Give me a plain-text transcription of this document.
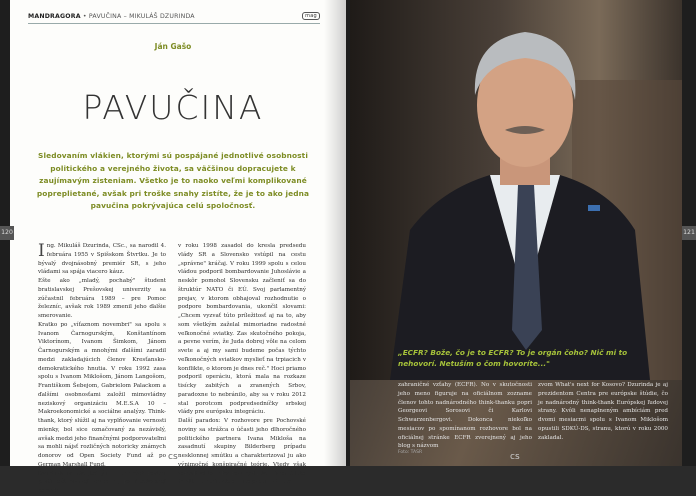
MANDRAGORA • PAVUČINA – MIKULÁŠ DZURINDA	mag
Ján Gašo
PAVUČINA
Sledovaním vlákien, ktorými sú pospájané jednotlivé osobnosti politického a verejného života, sa väčšinou dopracujete k zaujímavým zisteniam. Všetko je to naoko veľmi komplikované popreplietané, avšak pri troške snahy zistíte, že je to ako jedna pavučina pokrývajúca celú spoločnosť.

Ing. Mikuláš Dzurinda, CSc., sa narodil 4. februára 1955 v Spišskom Štvrtku. Je to bývalý dvojnásobný premiér SR, s jeho vládami sa spája viacero káuz.

Ešte ako „mladý, pochabý" študent bratislavskej Prešovskej univerzity sa zúčastnil februára 1989 – pre Pomoc železníc, avšak rok 1989 zmenil jeho ďalšie smerovanie.

Kratko po „víťaznom novembri" sa spolu s Ivanom Čarnogurským, Konštantínom Viktorínom, Ivanom Šimkom, Jánom Čarnogurským a mnohými ďalšími zaradil medzi zakladajúcich členov Kresťansko-demokratického hnutia. V roku 1992 zasa spolu s Ivanom Miklošom, Jánom Langošom, Františkom Šebejom, Gabrielom Palackom a ďalšími osobnosťami založil mimovládny neziskový organizáciu M.E.S.A 10 – Makroekonomické a sociálne analýzy. Think-thank, ktorý slúžil aj na vyplňovanie vernosti mienky, bol sice označovaný za nezávislý, avšak medzi jeho finančnými podporovateľmi sa mohli nájsť rozličných notoricky známych donorov od Open Society Fund až po German Marshall Fund.

Dzurinda sa stal jedným z hlavných postáv protimečiarovskej kampane, po Mečiarovej porážke

v roku 1998 zasadol do kresla predsedu vlády SR a Slovensko vstúpil na cestu „správne" kráčaj. V roku 1999 spolu s celou vládou podporil bombardovanie Juhoslávie a neskôr pomohol Slovensku začleniť sa do štruktúr NATO či EÚ. Svoj parlamentný prejav, v ktorom obhajoval rozhodnutie o podpore bombardovania, ukončil slovami: „Chcem vyzvať túto príležitosť aj na to, aby som všetkým zaželal mimoriadne radostné veľkonočné sviatky. Zas skutočného pokoja, a pevne verím, že Juda dobrej vôle na celom svete a aj my sami budeme počas týchto veľkonočných sviatkov myslieť na trpiacich v konflikte, o ktorom je dnes reč." Hoci priamo podporil operáciu, ktorá mala na rozkaze tisícky zabitých a zranených Srbov, paradoxne to nebránilo, aby sa v roku 2012 stal porotcom podpredsedníčky srbskej vlády pre európsku integráciu.

Další paradox: V rozhovore pre Pochovské noviny sa strážca o účasti jeho dlhoročného politického partnera Ivana Mikloša na zasadnutí skupiny Bilderberg prípadu nesklonnej smútku a charakterizoval ju ako výnimočné konšpiračné teórie. Vtedy však zobrali aj to, aby boli vydania mimo. Alebo tvrdil, že nevie nič o Európskej rade pre

cs
120
„ECFR? Bože, čo je to ECFR? To je orgán čoho? Nič mi to nehovorí. Netuším o čom hovoríte..."

zahraničné vzťahy (ECFR). No v skutočnosti jeho meno figuruje na oficiálnom zozname členov tohto nadnárodného think-thanku popri Georgeovi Sorosovi či Karlovi Schwarzenbergovi. Dokonca niekoľko mesiacov po spomínanom rozhovore bol na oficiálnej stránke ECFR zverejnený aj jeho blog s názvom

zvom What's next for Kosovo? Dzurinda je aj prezidentom Centra pre európske štúdie, čo je nadnárodný think-thank Európskej ľudovej strany. Kvôli nenaplneným ambíciám pred dvomi mesiacmi spolu s Ivanom Miklošom opustili SDKÚ-DS, stranu, ktorú v roku 2000 zakladal.

Foto: TASR	cs
121
